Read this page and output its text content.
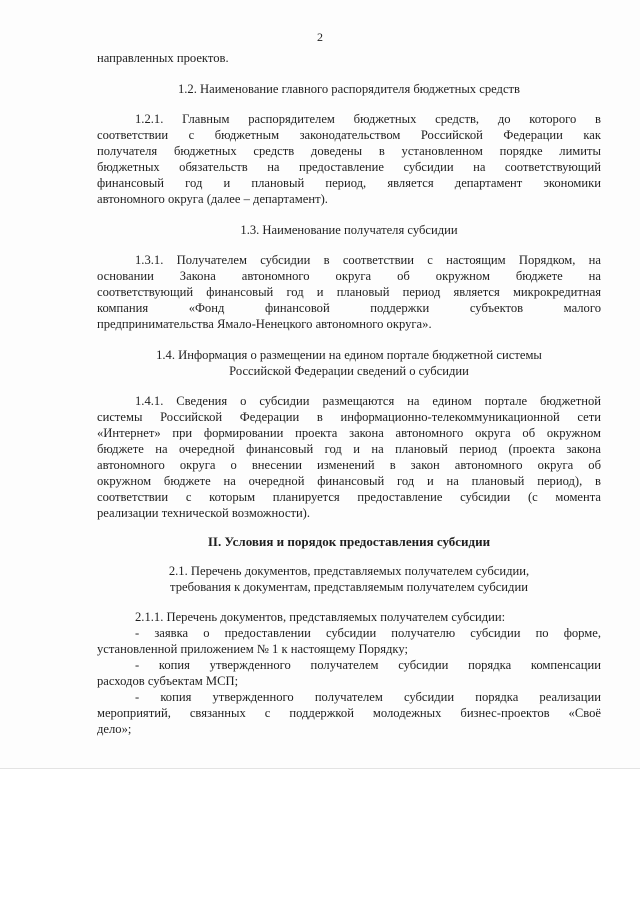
2

направленных проектов.

1.2. Наименование главного распорядителя бюджетных средств

1.2.1. Главным распорядителем бюджетных средств, до которого в

соответствии с бюджетным законодательством Российской Федерации как

получателя бюджетных средств доведены в установленном порядке лимиты

бюджетных обязательств на предоставление субсидии на соответствующий

финансовый год и плановый период, является департамент экономики

автономного округа (далее – департамент).

1.3. Наименование получателя субсидии

1.3.1. Получателем субсидии в соответствии с настоящим Порядком, на

основании Закона автономного округа об окружном бюджете на

соответствующий финансовый год и плановый период является микрокредитная

компания «Фонд финансовой поддержки субъектов малого

предпринимательства Ямало-Ненецкого автономного округа».

1.4. Информация о размещении на едином портале бюджетной системы

Российской Федерации сведений о субсидии

1.4.1. Сведения о субсидии размещаются на едином портале бюджетной

системы Российской Федерации в информационно-телекоммуникационной сети

«Интернет» при формировании проекта закона автономного округа об окружном

бюджете на очередной финансовый год и на плановый период (проекта закона

автономного округа о внесении изменений в закон автономного округа об

окружном бюджете на очередной финансовый год и на плановый период), в

соответствии с которым планируется предоставление субсидии (с момента

реализации технической возможности).

II. Условия и порядок предоставления субсидии

2.1. Перечень документов, представляемых получателем субсидии,

требования к документам, представляемым получателем субсидии

2.1.1. Перечень документов, представляемых получателем субсидии:

- заявка о предоставлении субсидии получателю субсидии по форме,

установленной приложением № 1 к настоящему Порядку;

- копия утвержденного получателем субсидии порядка компенсации

расходов субъектам МСП;

- копия утвержденного получателем субсидии порядка реализации

мероприятий, связанных с поддержкой молодежных бизнес-проектов «Своё

дело»;
